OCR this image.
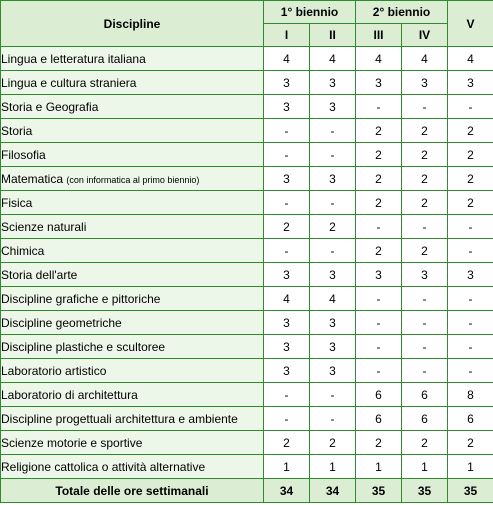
Discipline	1° biennio		2° biennio		V
	I	II	III	IV	
Lingua e letteratura italiana	4	4	4	4	4
Lingua e cultura straniera	3	3	3	3	3
Storia e Geografia	3	3	-	-	-
Storia	-	-	2	2	2
Filosofia	-	-	2	2	2
Matematica (con informatica al primo biennio)	3	3	2	2	2
Fisica	-	-	2	2	2
Scienze naturali	2	2	-	-	-
Chimica	-	-	2	2	-
Storia dell'arte	3	3	3	3	3
Discipline grafiche e pittoriche	4	4	-	-	-
Discipline geometriche	3	3	-	-	-
Discipline plastiche e scultoree	3	3	-	-	-
Laboratorio artistico	3	3	-	-	-
Laboratorio di architettura	-	-	6	6	8
Discipline progettuali architettura e ambiente	-	-	6	6	6
Scienze motorie e sportive	2	2	2	2	2
Religione cattolica o attività alternative	1	1	1	1	1
Totale delle ore settimanali	34	34	35	35	35
